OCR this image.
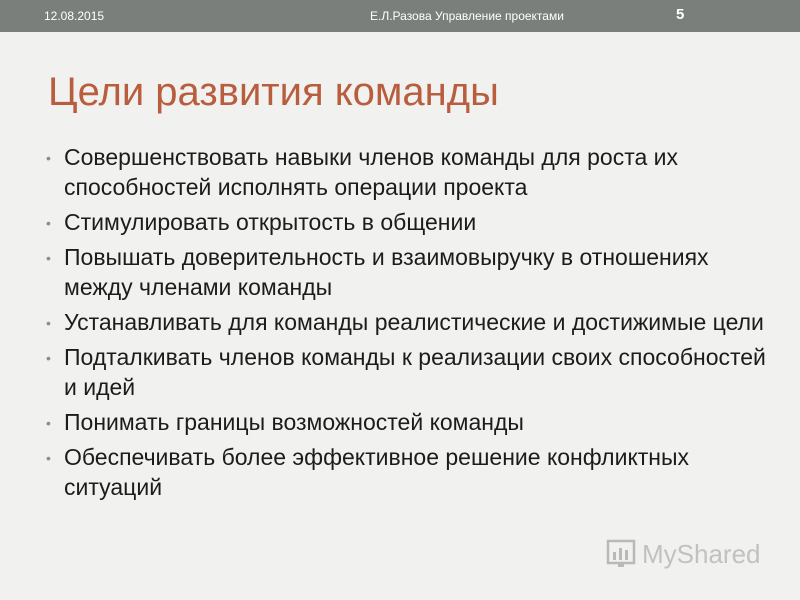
12.08.2015	Е.Л.Разова Управление проектами	5
Цели развития команды
• Совершенствовать навыки членов команды для роста их способностей исполнять операции проекта
• Стимулировать открытость в общении
• Повышать доверительность и взаимовыручку в отношениях между членами команды
• Устанавливать для команды реалистические и достижимые цели
• Подталкивать членов команды к реализации своих способностей и идей
• Понимать границы возможностей команды
• Обеспечивать более эффективное решение конфликтных ситуаций
MyShared
